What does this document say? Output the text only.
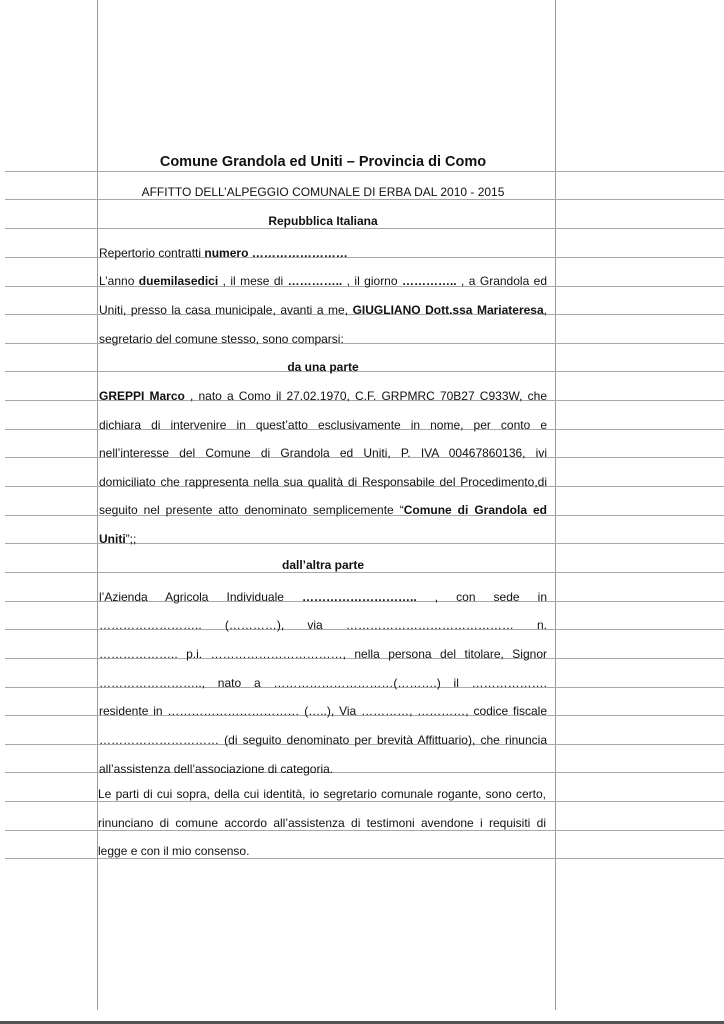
Comune Grandola ed Uniti – Provincia di Como
AFFITTO DELL’ALPEGGIO COMUNALE DI ERBA DAL 2010 - 2015
Repubblica Italiana
Repertorio contratti numero ……………………
L’anno duemilasedici , il mese di ………….. , il giorno ………….. , a Grandola ed
Uniti, presso la casa municipale, avanti a me, GIUGLIANO Dott.ssa Mariateresa,
segretario del comune stesso, sono comparsi:
da una parte
GREPPI Marco , nato a Como il 27.02.1970, C.F. GRPMRC 70B27 C933W, che
dichiara di intervenire in quest’atto esclusivamente in nome, per conto e
nell’interesse del Comune di Grandola ed Uniti, P. IVA 00467860136, ivi
domiciliato che rappresenta nella sua qualità di Responsabile del Procedimento,di
seguito nel presente atto denominato semplicemente “Comune di Grandola ed
Uniti”;;
dall’altra parte
l’Azienda Agricola Individuale ……………………….. , con sede in
…………………….. (…………), via …………………………………… n.
……………….. p.i. ……………………………, nella persona del titolare, Signor
…………………….., nato a …………………………(……….) il ……………….
residente in …………………………… (…..), Via …………, …………, codice fiscale
………………………… (di seguito denominato per brevità Affittuario), che rinuncia
all’assistenza dell’associazione di categoria.
Le parti di cui sopra, della cui identità, io segretario comunale rogante, sono certo,
rinunciano di comune accordo all’assistenza di testimoni avendone i requisiti di
legge e con il mio consenso.
